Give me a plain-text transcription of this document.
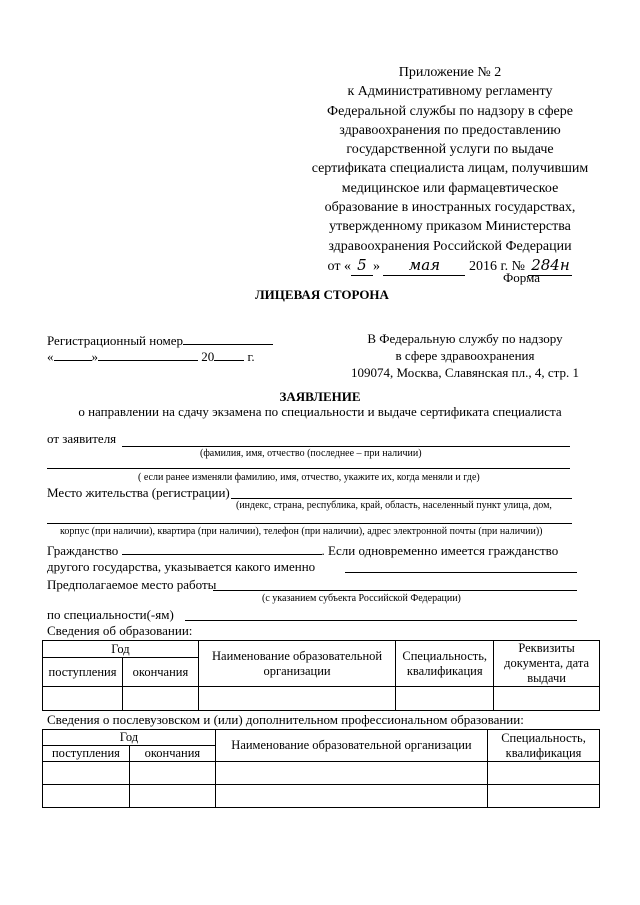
Приложение № 2
к Административному регламенту
Федеральной службы по надзору в сфере
здравоохранения по предоставлению
государственной услуги по выдаче
сертификата специалиста лицам, получившим
медицинское или фармацевтическое
образование в иностранных государствах,
утвержденному приказом Министерства
здравоохранения Российской Федерации
от « 5 » мая 2016 г. № 284н
Форма
ЛИЦЕВАЯ СТОРОНА
Регистрационный номер
«	»	20	г.
В Федеральную службу по надзору
в сфере здравоохранения
109074, Москва, Славянская пл., 4, стр. 1
ЗАЯВЛЕНИЕ
о направлении на сдачу экзамена по специальности и выдаче сертификата специалиста
от заявителя
(фамилия, имя, отчество (последнее – при наличии)
( если ранее изменяли фамилию, имя, отчество, укажите их, когда меняли и где)
Место жительства (регистрации)
(индекс, страна, республика, край, область, населенный пункт улица, дом,
корпус (при наличии), квартира (при наличии), телефон (при наличии), адрес электронной почты (при наличии))
Гражданство	. Если одновременно имеется гражданство
другого государства, указывается какого именно
Предполагаемое место работы
(с указанием субъекта Российской Федерации)
по специальности(-ям)
Сведения об образовании:
Год		Наименование образовательной организации	Специальность, квалификация	Реквизиты документа, дата выдачи
поступления	окончания			

Сведения о послевузовском и (или) дополнительном профессиональном образовании:
Год		Наименование образовательной организации	Специальность, квалификация
поступления	окончания		
